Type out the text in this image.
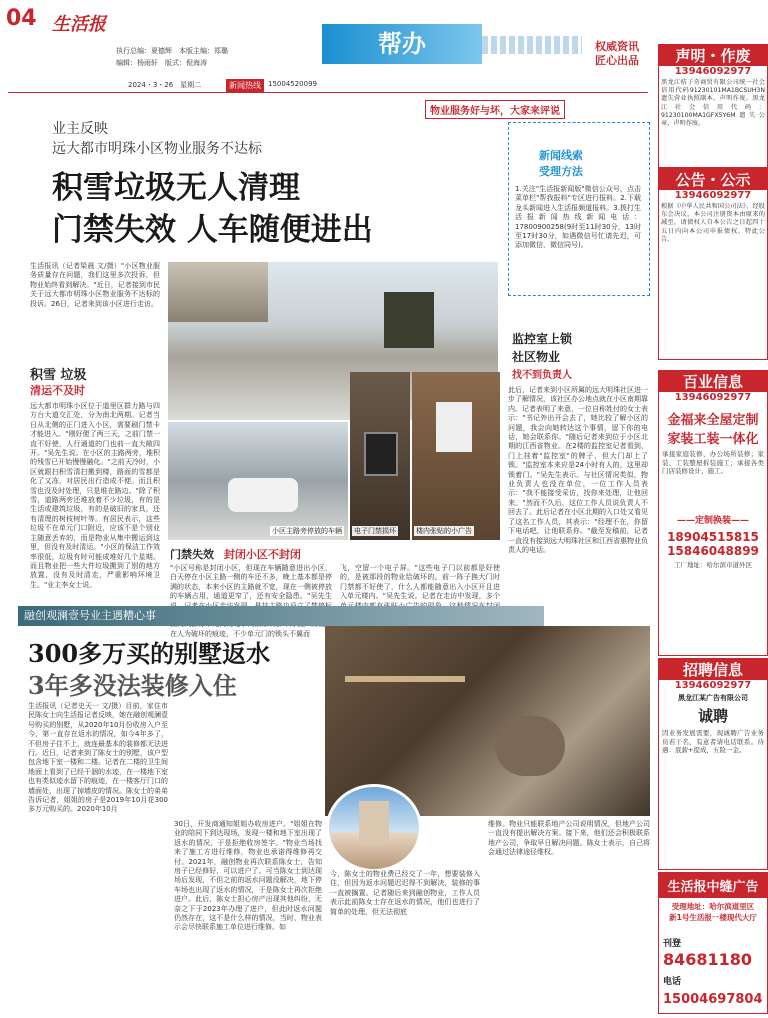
04 生活报
执行总编：夏德辉　本版主编：郑璐
编辑：杨雨轩　版式：倪海涛
2024・3・26　星期二	新闻热线	15004520099
帮办	权威资讯
匠心出品
物业服务好与坏，大家来评说
业主反映
远大都市明珠小区物业服务不达标
积雪垃圾无人清理
门禁失效 人车随便进出
生活报讯（记者梁晨 文/摄）"小区物业服务质量存在问题，我们这里多次投诉，但物业始终看到解决。"近日，记者接到市民关于远大都市明珠小区物业服务不达标的投诉。26日，记者来到该小区进行走访。
积雪 垃圾
清运不及时
远大都市明珠小区位于道里区群力路与四方台大道交汇处，分为南北两期。记者当日从北侧的正门进入小区，需要刷门禁卡才能进入。"刚好便了两三天，之前门禁一直不好使，人行通道的门也前一直大敞四开。"吴先生说。在小区的主路两旁，堆积的残雪已开始慢慢融化。"之前天冷时，小区就跟扫积雪清扫搬到楼，路面的雪都是化了又冻，对居民出行造成不便。而且积雪也没及时处理，只是堆在路边。"除了积雪，道路两旁还堆放着不少垃圾，有的是生活或建筑垃圾，有的是破旧的家具，还有清理的树枝树叶等。有居民表示，这些垃圾不在单元门口附近，应该不是个别业主随意丢弃的，而是物业从集中搬运到这里，但没有及时清运。"小区的保洁工作效率很低，垃圾有时可能成堆好几个星期。而且物业把一些大件垃圾搬到了别的地方放置，没有及时清走，严重影响环境卫生。"业主李女士说。
小区主路旁停放的车辆 电子门禁损坏	楼内张贴的小广告
门禁失效 封闭小区不封闭
"小区号称是封闭小区，但现在车辆随意进出小区，白天停在小区主路一侧的车还不多，晚上基本都是停满的状态，本来小区的主路就不宽，现在一侧被停放的车辆占用，通道更窄了，还有安全隐患。"吴先生 在人为破坏的痕迹，不少单元门的锁头不翼而
飞，空留一个电子屏。"这些电子门以前都是好使的，是被那段的物业给破坏的。前一阵子换大门时门禁都不好使了，什么人都能随意出入小区开且进入单元楼内。"吴先生说。记者在走访中发现，多个
新闻线索
受理方法
1.关注"生活报新闻版"微信公众号，点击菜单栏"帮我报料"专区进行报料。2.下载龙头新闻进入生活报频道报料。3.拨打生活报新闻热线新闻电话：17800900258(9时至11时30分，13时至17时30分，如遇微信号忙请先迟，可添加微信，微信同号)。
监控室上锁
社区物业
找不到负责人
此后，记者来到小区所属的远大明珠社区进一步了解情况，该社区办公地点就在小区南期靠内。记者表明了来意，一位自称姓付的女士表示："书记外出开会去了，她比较了解小区的问题，我会向她转达这个事情，留下你的电话，她会联系你。"随后记者来到位于小区北期的江西省物业。在2楼的监控室记者看到，门上挂着"监控室"的牌子，但大门却上了锁。"监控室本来应是24小时有人的，这里却锁着门。"吴先生表示。与社区情况类似，物业负责人也没在单位，一位工作人员表示："我不能接受采访，找你来处理，让他回来。"然而不久后，这位工作人员说负责人不回去了。此后记者在小区北期的入口处又看见了这名工作人员，其表示："经理不在，你留下电话吧，让他联系你。"截至发稿前，记者一直没有接到远大明珠社区和江西省惠物业负责人的电话。
融创观澜壹号业主遇糟心事
300多万买的别墅返水
3年多没法装修入住
生活报讯（记者史天一 文/摄）目前，家住市民陈女士向生活报记者反映，她在融创观澜壹号购买的别墅，从2020年10月份收房入户至今，第一直存在返水的情况，如今4年多了，不但房子住不上，就连最基本的装修都无法进行。近日，记者来到了陈女士的别墅，该户型包含地下室一楼和二楼。记者在二楼的卫生间地面上看到了已经干涸的水迹，在一楼地下室也有类似迹水留下的痕迹，在一楼客厅门口的墙面处，出现了掉墙皮的情况。陈女士的弟弟告诉记者，姐姐的房子是2019年10月花300多万元购买的。2020年10月
30日，开发商通知姐姐办收房进户。"姐姐在物业的陪同下到达现场，发现一楼和地下室出现了返水的情况，于是拒绝收房签字。"物业当场找来了施工方进行维修，物业也承诺得维修再交付。2021年，融创物业再次联系陈女士，告知房子已经修好，可以进户了。可当陈女士到达现场后发现，不但之前的返水问题没解决，地下停车场也出现了返水的情况，于是陈女士再次拒绝进户。此后，陈女士担心房产出现其他纠纷，无奈之下于2023年办理了进户，但此时返水问题仍然存在，这不是什么样的情况，当时，物业表示会尽快联系施工单位进行维修。如
今，陈女士的物业费已经交了一年，想要装修入住，但因为返水问题迟迟得不到解决，装修的事一直被搁置。记者随后来到融创物业，工作人员表示此前陈女士存在返水的情况，他们也进行了简单的处理，但无法彻底
维修。物业只能联系地产公司说明情况，但地产公司一直没有提出解决方案。接下来，他们还会积极联系地产公司，争取早日解决问题。陈女士表示，自己将会通过法律途径维权。
声明・作废
13946092977
黑龙江桔子奇商贸有限公司统一社会信用代码91230101MA1BCSUH3N遗失营业执照副本，声明作废。黑龙江社会信用代码：91230100MA1GFX5Y6M遗失公章，声明作废。
公告・公示
13946092977
根据《中华人民共和国公司法》，经股东会决议，本公司注册资本由原来的减至，请债权人自本公告之日起四十五日内向本公司申报债权。特此公告。
百业信息
13946092977
金福来全屋定制
家装工装一体化
承接家庭装修、办公场所装修；家装、工装整屋拆装施工；承接各类门店装修设计、施工。
——定制换装——
18904515815
15846048899
工厂地址：哈尔滨市道外区
招聘信息
13946092977
黑龙江某广告有限公司
诚聘
因业务发展需要，现诚聘广告业务员若干名，有意者请电话联系。待遇：底薪+提成，五险一金。
生活报中缝广告
受理地址：哈尔滨道里区
新1号生活报一楼现代大厅
刊登 84681180
电话 15004697804
